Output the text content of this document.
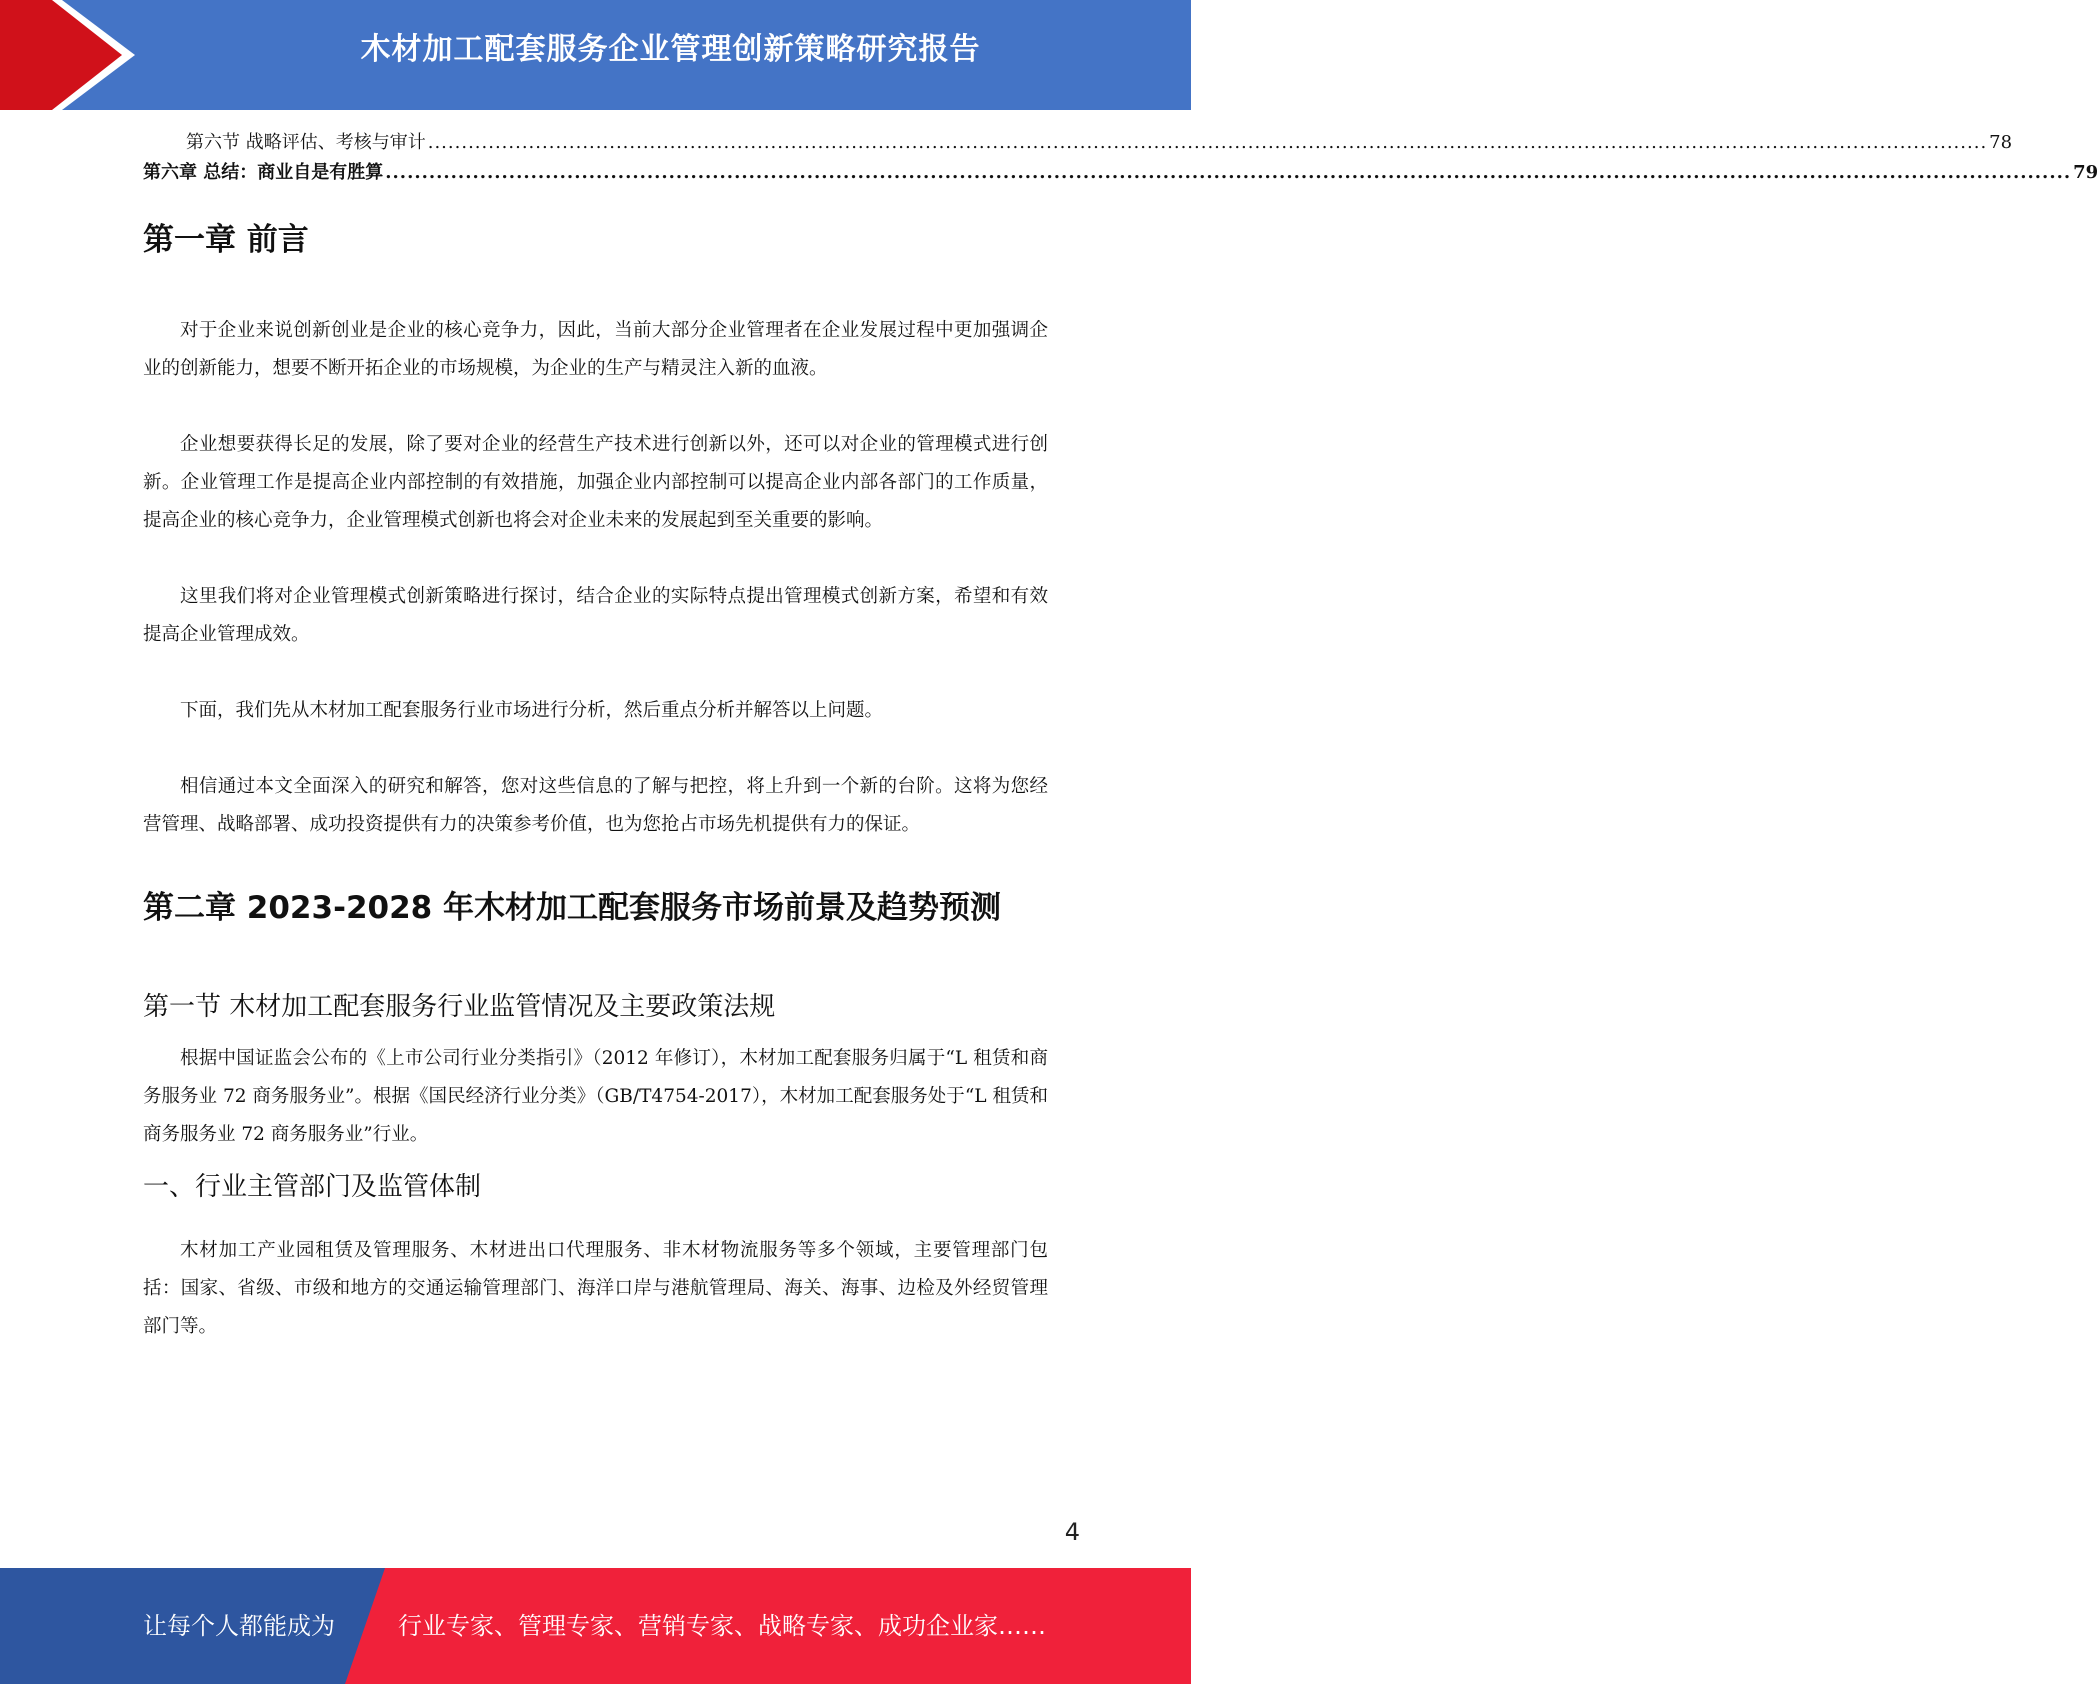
木材加工配套服务企业管理创新策略研究报告
第六节 战略评估、考核与审计 ........................................................................................................................................................................................................................................ 78
第六章 总结：商业自是有胜算 ........................................................................................................................................................................................................................................ 79
第一章 前言

对于企业来说创新创业是企业的核心竞争力，因此，当前大部分企业管理者在企业发展过程中更加强调企业的创新能力，想要不断开拓企业的市场规模，为企业的生产与精灵注入新的血液。

企业想要获得长足的发展，除了要对企业的经营生产技术进行创新以外，还可以对企业的管理模式进行创新。企业管理工作是提高企业内部控制的有效措施，加强企业内部控制可以提高企业内部各部门的工作质量，提高企业的核心竞争力，企业管理模式创新也将会对企业未来的发展起到至关重要的影响。

这里我们将对企业管理模式创新策略进行探讨，结合企业的实际特点提出管理模式创新方案，希望和有效提高企业管理成效。

下面，我们先从木材加工配套服务行业市场进行分析，然后重点分析并解答以上问题。

相信通过本文全面深入的研究和解答，您对这些信息的了解与把控，将上升到一个新的台阶。这将为您经营管理、战略部署、成功投资提供有力的决策参考价值，也为您抢占市场先机提供有力的保证。

第二章 2023-2028 年木材加工配套服务市场前景及趋势预测
第一节 木材加工配套服务行业监管情况及主要政策法规

根据中国证监会公布的《上市公司行业分类指引》（2012 年修订），木材加工配套服务归属于“L 租赁和商务服务业 72 商务服务业”。根据《国民经济行业分类》（GB/T4754-2017），木材加工配套服务处于“L 租赁和商务服务业 72 商务服务业”行业。

一、行业主管部门及监管体制

木材加工产业园租赁及管理服务、木材进出口代理服务、非木材物流服务等多个领域，主要管理部门包括：国家、省级、市级和地方的交通运输管理部门、海洋口岸与港航管理局、海关、海事、边检及外经贸管理部门等。

4
让每个人都能成为	行业专家、管理专家、营销专家、战略专家、成功企业家……
